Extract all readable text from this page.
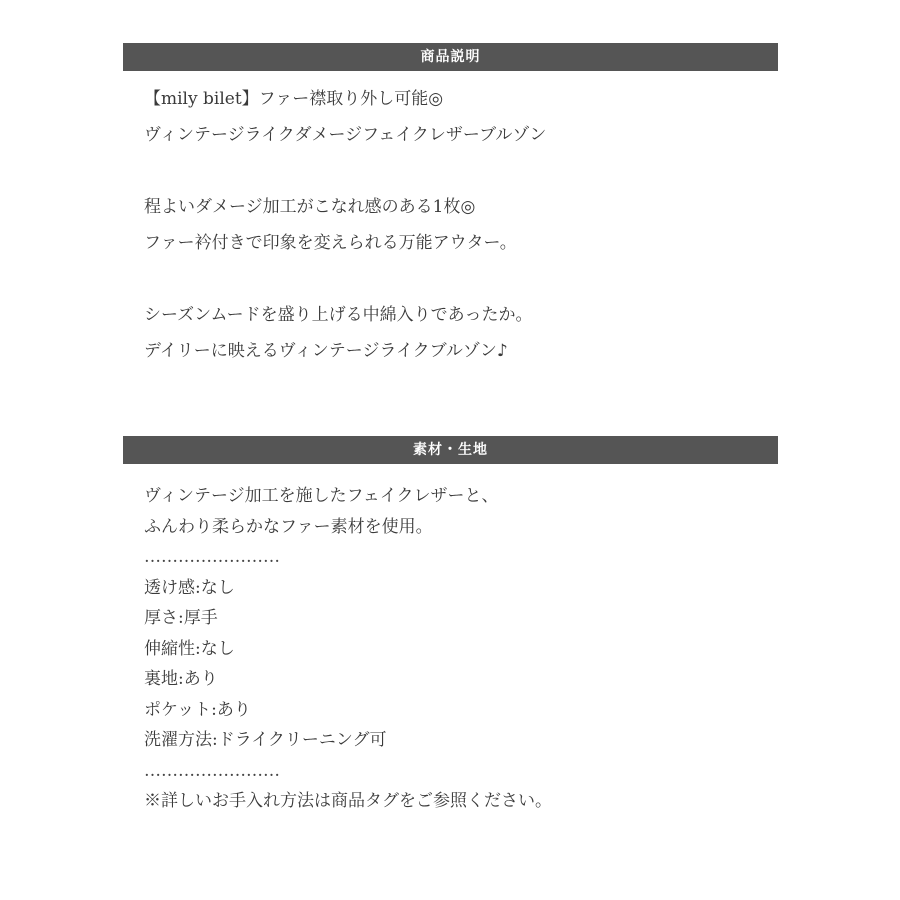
商品説明
【mily bilet】ファー襟取り外し可能◎
ヴィンテージライクダメージフェイクレザーブルゾン
程よいダメージ加工がこなれ感のある1枚◎
ファー衿付きで印象を変えられる万能アウター。
シーズンムードを盛り上げる中綿入りであったか。
デイリーに映えるヴィンテージライクブルゾン♪
素材・生地
ヴィンテージ加工を施したフェイクレザーと、
ふんわり柔らかなファー素材を使用。
……………………
透け感:なし
厚さ:厚手
伸縮性:なし
裏地:あり
ポケット:あり
洗濯方法:ドライクリーニング可
……………………
※詳しいお手入れ方法は商品タグをご参照ください。
